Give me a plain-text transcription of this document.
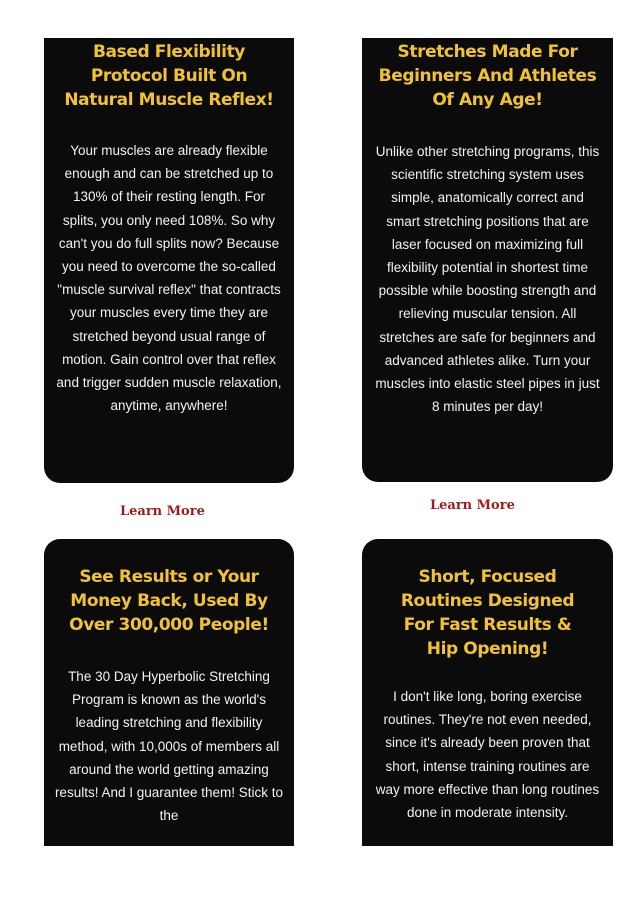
Based Flexibility Protocol Built On Natural Muscle Reflex!

Your muscles are already flexible enough and can be stretched up to 130% of their resting length. For splits, you only need 108%. So why can't you do full splits now? Because you need to overcome the so-called "muscle survival reflex" that contracts your muscles every time they are stretched beyond usual range of motion. Gain control over that reflex and trigger sudden muscle relaxation, anytime, anywhere!

Stretches Made For Beginners And Athletes Of Any Age!

Unlike other stretching programs, this scientific stretching system uses simple, anatomically correct and smart stretching positions that are laser focused on maximizing full flexibility potential in shortest time possible while boosting strength and relieving muscular tension. All stretches are safe for beginners and advanced athletes alike. Turn your muscles into elastic steel pipes in just 8 minutes per day!

Learn More	Learn More

See Results or Your Money Back, Used By Over 300,000 People!

The 30 Day Hyperbolic Stretching Program is known as the world's leading stretching and flexibility method, with 10,000s of members all around the world getting amazing results! And I guarantee them! Stick to the

Short, Focused Routines Designed For Fast Results & Hip Opening!

I don't like long, boring exercise routines. They're not even needed, since it's already been proven that short, intense training routines are way more effective than long routines done in moderate intensity.
